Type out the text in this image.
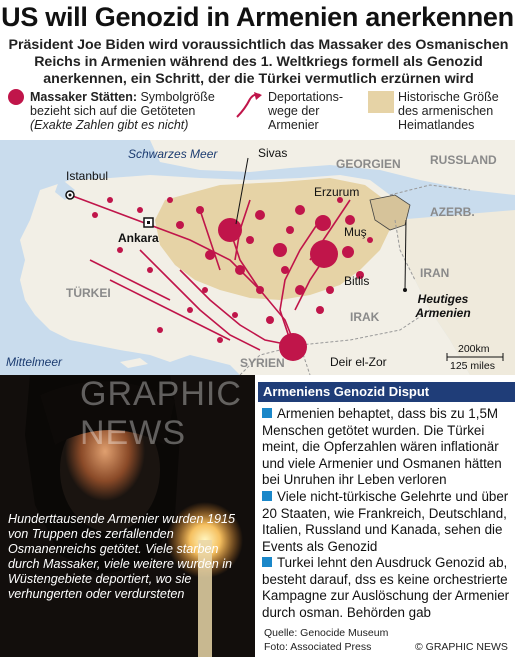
US will Genozid in Armenien anerkennen
Präsident Joe Biden wird voraussichtlich das Massaker des Osmanischen Reichs in Armenien während des 1. Weltkriegs formell als Genozid anerkennen, ein Schritt, der die Türkei vermutlich erzürnen wird
Massaker Stätten: Symbolgröße bezieht sich auf die Getöteten
(Exakte Zahlen gibt es nicht)
Deportations-wege der Armenier
Historische Größe des armenischen Heimatlandes
Schwarzes Meer
Mittelmeer
Istanbul
Ankara
Sivas
Erzurum
Muş
Bitlis
Deir el-Zor
GEORGIEN RUSSLAND
AZERB.
IRAN
IRAK
SYRIEN
TÜRKEI	Heutiges Armenien
200km
125 miles
GRAPHIC NEWS
Hunderttausende Armenier wurden 1915 von Truppen des zerfallenden Osmanenreichs getötet. Viele starben durch Massaker, viele weitere wurden in Wüstengebiete deportiert, wo sie verhungerten oder verdursteten
Armeniens Genozid Disput
Armenien behapt​et, dass bis zu 1,5M Menschen getötet wurden. Die Türkei meint, die Opferzahlen wären inflationär und viele Armenier und Osmanen hätten bei Unruhen ihr Leben verloren
Viele nicht-türkische Gelehrte und über 20 Staaten, wie Frankreich, Deutschland, Italien, Russland und Kanada, sehen die Events als Genozid
Turkei lehnt den Ausdruck Genozid ab, besteht darauf, dss es keine orchestrierte Kampagne zur Auslöschung der Armenier durch osman. Behörden gab
Quelle: Genocide Museum
Foto: Associated Press	© GRAPHIC NEWS
